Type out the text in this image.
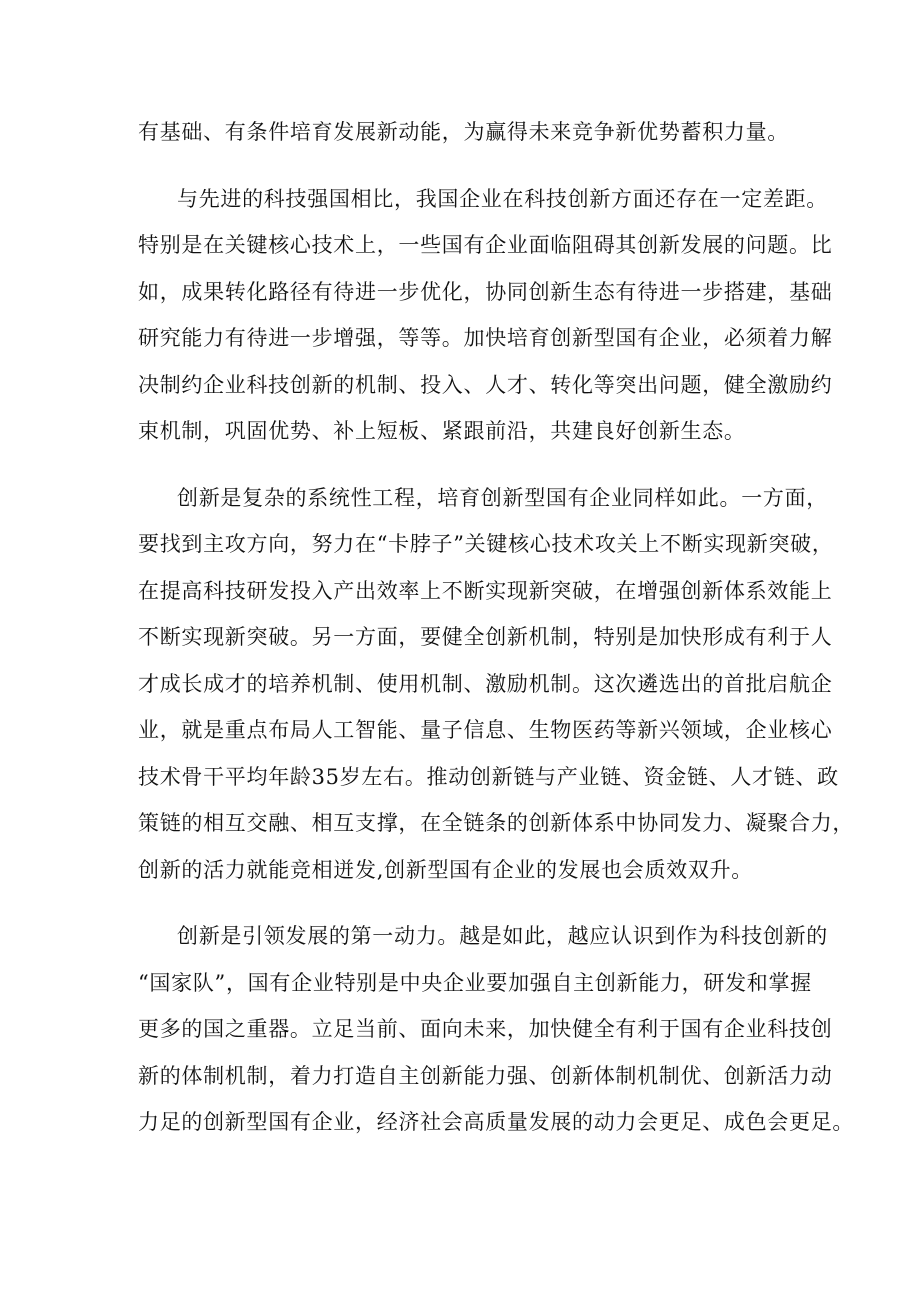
有基础、有条件培育发展新动能，为赢得未来竞争新优势蓄积力量。

与先进的科技强国相比，我国企业在科技创新方面还存在一定差距。

特别是在关键核心技术上，一些国有企业面临阻碍其创新发展的问题。比

如，成果转化路径有待进一步优化，协同创新生态有待进一步搭建，基础

研究能力有待进一步增强，等等。加快培育创新型国有企业，必须着力解

决制约企业科技创新的机制、投入、人才、转化等突出问题，健全激励约

束机制，巩固优势、补上短板、紧跟前沿，共建良好创新生态。

创新是复杂的系统性工程，培育创新型国有企业同样如此。一方面，

要找到主攻方向，努力在“卡脖子”关键核心技术攻关上不断实现新突破，

在提高科技研发投入产出效率上不断实现新突破，在增强创新体系效能上

不断实现新突破。另一方面，要健全创新机制，特别是加快形成有利于人

才成长成才的培养机制、使用机制、激励机制。这次遴选出的首批启航企

业，就是重点布局人工智能、量子信息、生物医药等新兴领域，企业核心

技术骨干平均年龄35岁左右。推动创新链与产业链、资金链、人才链、政

策链的相互交融、相互支撑，在全链条的创新体系中协同发力、凝聚合力，

创新的活力就能竞相迸发,创新型国有企业的发展也会质效双升。

创新是引领发展的第一动力。越是如此，越应认识到作为科技创新的

“国家队”，国有企业特别是中央企业要加强自主创新能力，研发和掌握

更多的国之重器。立足当前、面向未来，加快健全有利于国有企业科技创

新的体制机制，着力打造自主创新能力强、创新体制机制优、创新活力动

力足的创新型国有企业，经济社会高质量发展的动力会更足、成色会更足。
